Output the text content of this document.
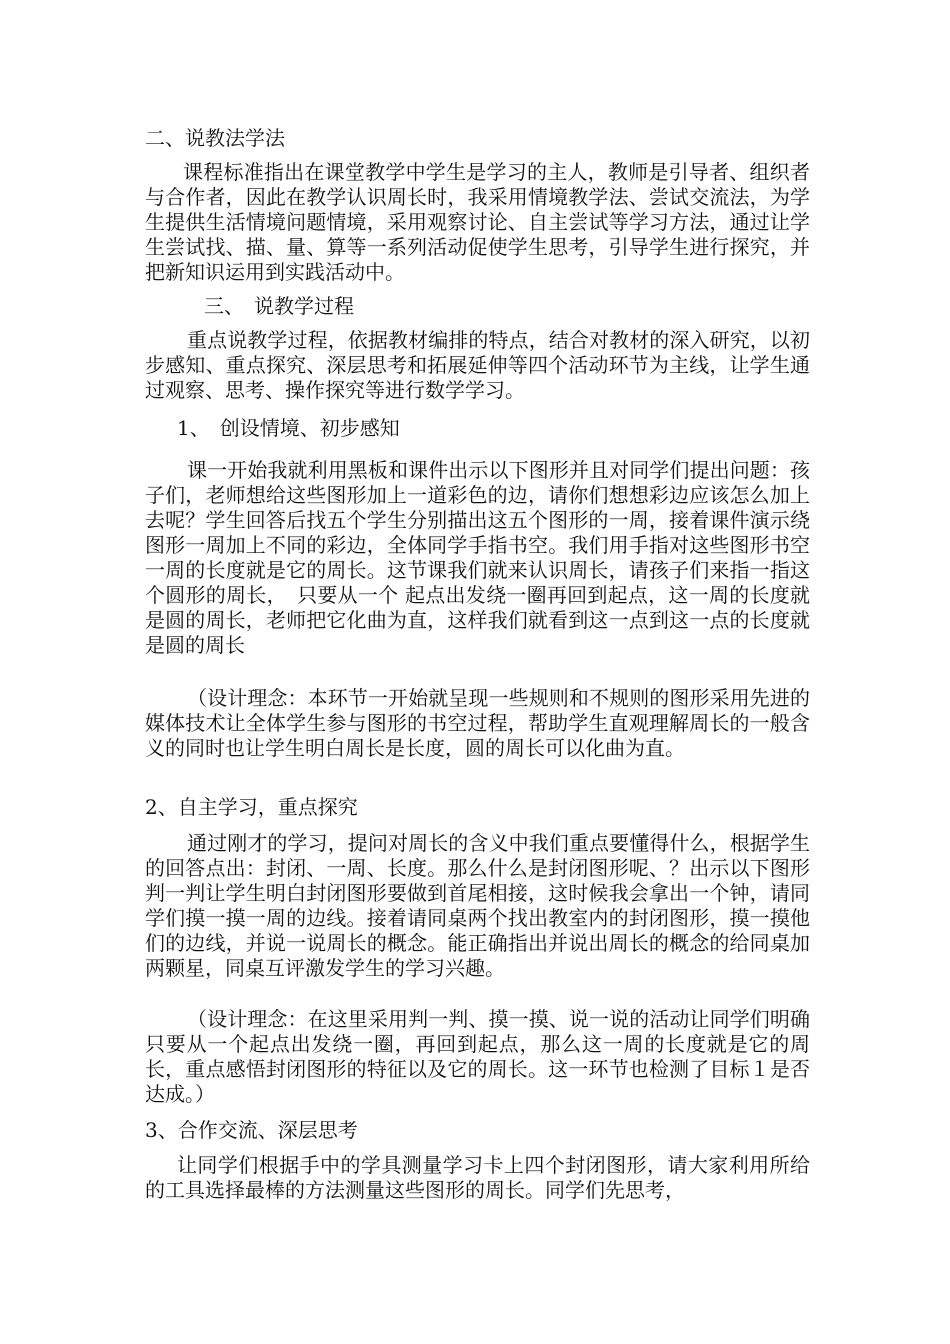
二、说教法学法

课程标准指出在课堂教学中学生是学习的主人，教师是引导者、组织者与合作者，因此在教学认识周长时，我采用情境教学法、尝试交流法，为学生提供生活情境问题情境，采用观察讨论、自主尝试等学习方法，通过让学生尝试找、描、量、算等一系列活动促使学生思考，引导学生进行探究，并把新知识运用到实践活动中。

三、　说教学过程

重点说教学过程，依据教材编排的特点，结合对教材的深入研究，以初步感知、重点探究、深层思考和拓展延伸等四个活动环节为主线，让学生通过观察、思考、操作探究等进行数学学习。

1、　创设情境、初步感知

课一开始我就利用黑板和课件出示以下图形并且对同学们提出问题：孩子们，老师想给这些图形加上一道彩色的边，请你们想想彩边应该怎么加上去呢？学生回答后找五个学生分别描出这五个图形的一周，接着课件演示绕图形一周加上不同的彩边，全体同学手指书空。我们用手指对这些图形书空一周的长度就是它的周长。这节课我们就来认识周长，请孩子们来指一指这个圆形的周长，　只要从一个 起点出发绕一圈再回到起点，这一周的长度就是圆的周长，老师把它化曲为直，这样我们就看到这一点到这一点的长度就是圆的周长

（设计理念：本环节一开始就呈现一些规则和不规则的图形采用先进的媒体技术让全体学生参与图形的书空过程，帮助学生直观理解周长的一般含义的同时也让学生明白周长是长度，圆的周长可以化曲为直。

2、自主学习，重点探究

通过刚才的学习，提问对周长的含义中我们重点要懂得什么，根据学生的回答点出：封闭、一周、长度。那么什么是封闭图形呢、？出示以下图形判一判让学生明白封闭图形要做到首尾相接，这时候我会拿出一个钟，请同学们摸一摸一周的边线。接着请同桌两个找出教室内的封闭图形，摸一摸他们的边线，并说一说周长的概念。能正确指出并说出周长的概念的给同桌加两颗星，同桌互评激发学生的学习兴趣。

（设计理念：在这里采用判一判、摸一摸、说一说的活动让同学们明确只要从一个起点出发绕一圈，再回到起点，那么这一周的长度就是它的周长，重点感悟封闭图形的特征以及它的周长。这一环节也检测了目标１是否达成。）

3、合作交流、深层思考

让同学们根据手中的学具测量学习卡上四个封闭图形，请大家利用所给的工具选择最棒的方法测量这些图形的周长。同学们先思考，
